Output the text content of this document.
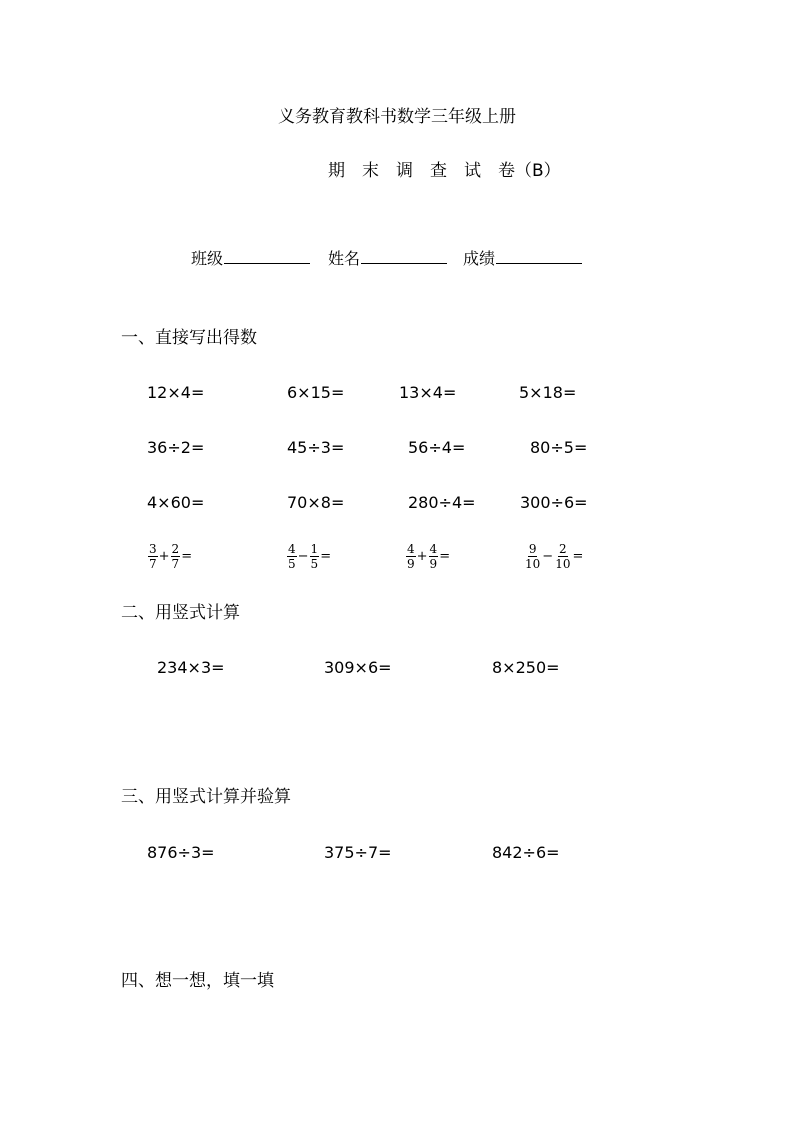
义务教育教科书数学三年级上册
期　末　调　查　试　卷（B）
班级	姓名	成绩
一、直接写出得数
12×4=	6×15=	13×4=	5×18=
36÷2=	45÷3=	56÷4=	80÷5=
4×60=	70×8=	280÷4=	300÷6=
$\frac{3}{7} + \frac{2}{7}$ =	$\frac{4}{5} - \frac{1}{5}$ =	$\frac{4}{9} + \frac{4}{9}$ =	$\frac{9}{10} - \frac{2}{10}$ =
二、用竖式计算
234×3=	309×6=	8×250=
三、用竖式计算并验算
876÷3=	375÷7=	842÷6=
四、想一想，填一填
